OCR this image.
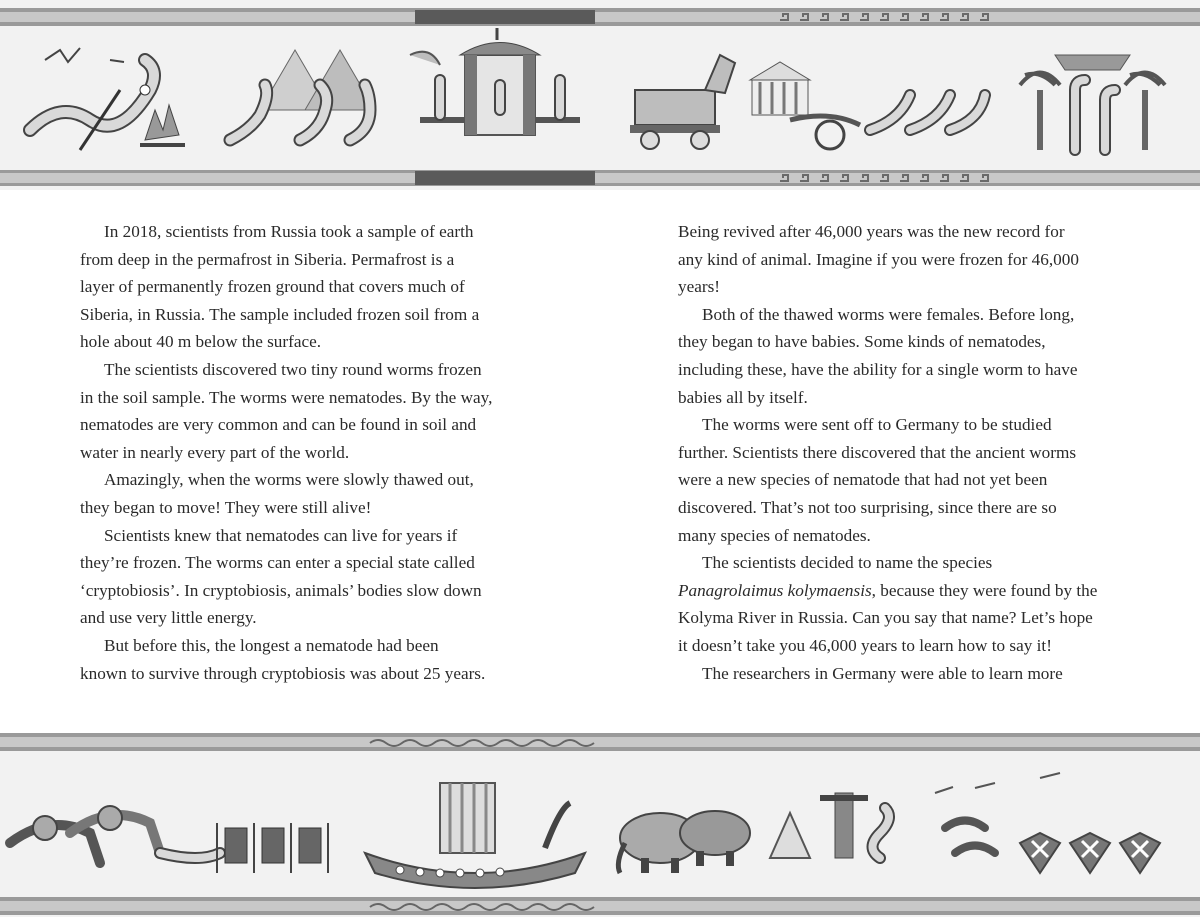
In 2018, scientists from Russia took a sample of earth
from deep in the permafrost in Siberia. Permafrost is a
layer of permanently frozen ground that covers much of
Siberia, in Russia. The sample included frozen soil from a
hole about 40 m below the surface.

The scientists discovered two tiny round worms frozen
in the soil sample. The worms were nematodes. By the way,
nematodes are very common and can be found in soil and
water in nearly every part of the world.

Amazingly, when the worms were slowly thawed out,
they began to move! They were still alive!

Scientists knew that nematodes can live for years if
they’re frozen. The worms can enter a special state called
‘cryptobiosis’. In cryptobiosis, animals’ bodies slow down
and use very little energy.

But before this, the longest a nematode had been
known to survive through cryptobiosis was about 25 years.

Being revived after 46,000 years was the new record for
any kind of animal. Imagine if you were frozen for 46,000
years!

Both of the thawed worms were females. Before long,
they began to have babies. Some kinds of nematodes,
including these, have the ability for a single worm to have
babies all by itself.

The worms were sent off to Germany to be studied
further. Scientists there discovered that the ancient worms
were a new species of nematode that had not yet been
discovered. That’s not too surprising, since there are so
many species of nematodes.

The scientists decided to name the species
Panagrolaimus kolymaensis, because they were found by the
Kolyma River in Russia. Can you say that name? Let’s hope
it doesn’t take you 46,000 years to learn how to say it!

The researchers in Germany were able to learn more
